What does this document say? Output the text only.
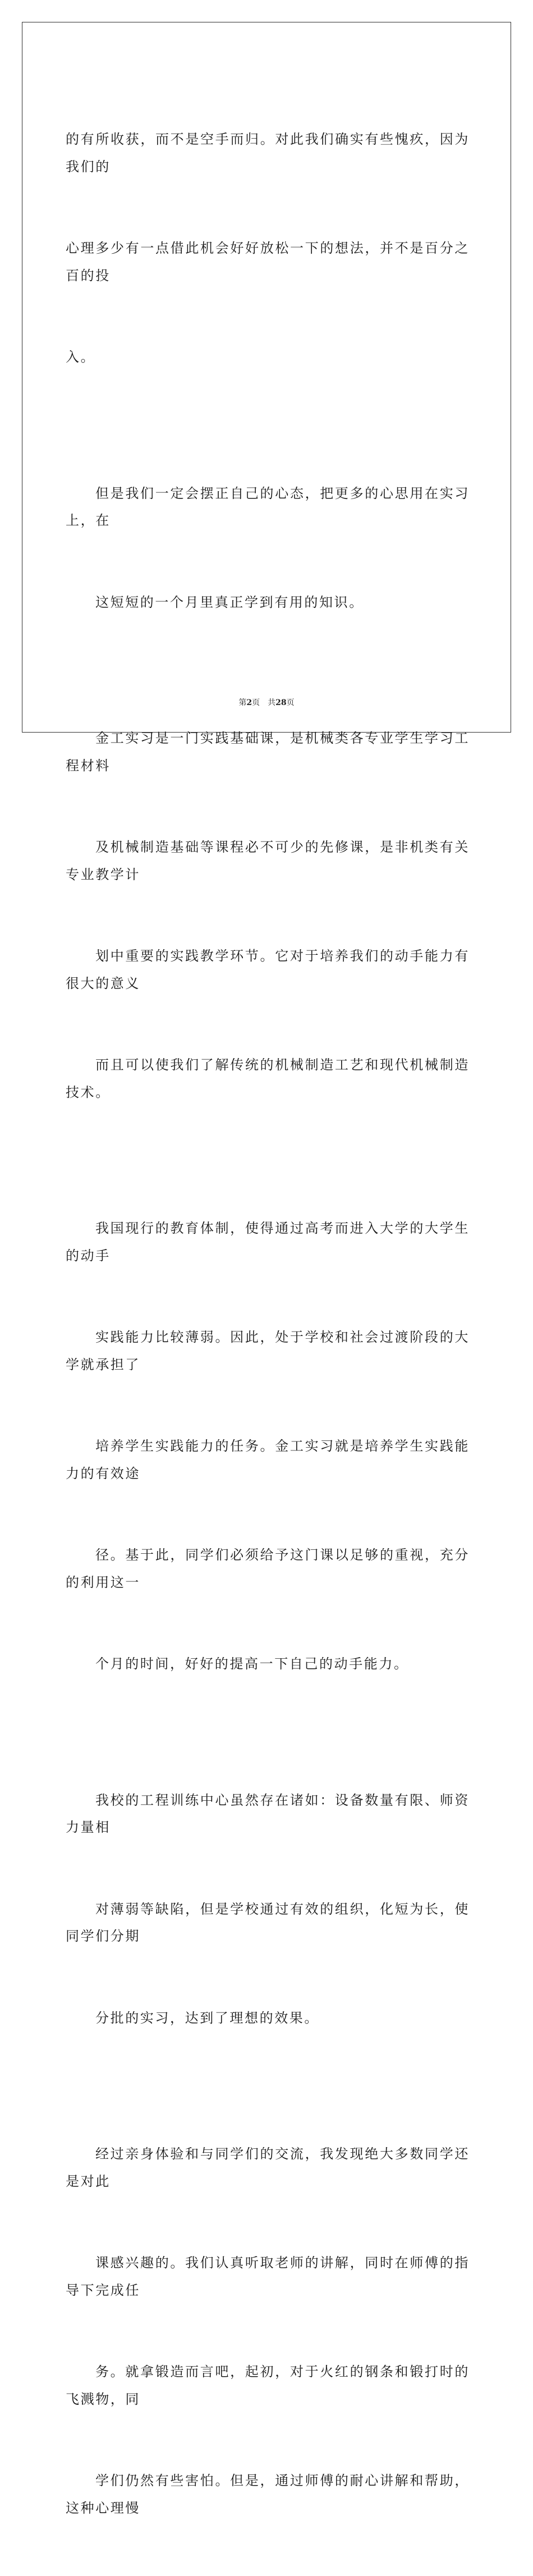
的有所收获，而不是空手而归。对此我们确实有些愧疚，因为我们的

心理多少有一点借此机会好好放松一下的想法，并不是百分之百的投

入。

但是我们一定会摆正自己的心态，把更多的心思用在实习上，在

这短短的一个月里真正学到有用的知识。

金工实习是一门实践基础课，是机械类各专业学生学习工程材料

及机械制造基础等课程必不可少的先修课，是非机类有关专业教学计

划中重要的实践教学环节。它对于培养我们的动手能力有很大的意义

而且可以使我们了解传统的机械制造工艺和现代机械制造技术。

我国现行的教育体制，使得通过高考而进入大学的大学生的动手

实践能力比较薄弱。因此，处于学校和社会过渡阶段的大学就承担了

培养学生实践能力的任务。金工实习就是培养学生实践能力的有效途

径。基于此，同学们必须给予这门课以足够的重视，充分的利用这一

个月的时间，好好的提高一下自己的动手能力。

我校的工程训练中心虽然存在诸如：设备数量有限、师资力量相

对薄弱等缺陷，但是学校通过有效的组织，化短为长，使同学们分期

分批的实习，达到了理想的效果。

经过亲身体验和与同学们的交流，我发现绝大多数同学还是对此

课感兴趣的。我们认真听取老师的讲解，同时在师傅的指导下完成任

务。就拿锻造而言吧，起初，对于火红的钢条和锻打时的飞溅物，同

学们仍然有些害怕。但是，通过师傅的耐心讲解和帮助，这种心理慢

第2页 共28页
